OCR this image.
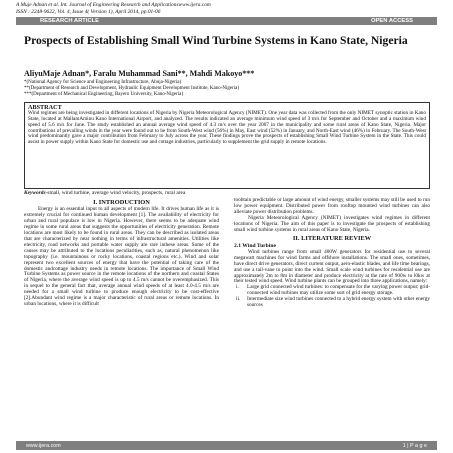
A Muje Adnan et al. Int. Journal of Engineering Research and Applicationswww.ijera.com
ISSN : 2248-9622, Vol. 4, Issue 4( Version 1), April 2014, pp.01-06
RESEARCH ARTICLE	OPEN ACCESS
Prospects of Establishing Small Wind Turbine Systems in Kano State, Nigeria
AliyuMaje Adnan*, Faralu Muhammad Sani**, Mahdi Makoyo***
*(National Agency for Science and Engineering Infrastructure, Abuja-Nigeria)
**(Department of Research and Development, Hydraulic Equipment Development Institute, Kano-Nigeria)
***(Department of Mechanical Engineering, Bayero University, Kano-Nigeria)
ABSTRACT
Wind regimes are being investigated in different locations of Nigeria by Nigeria Meteorological Agency (NIMET). One year data was collected from the only NIMET synoptic station in Kano State, located at MallamAminu Kano International Airport, and analyzed. The results indicated an average minimum wind speed of 3 m/s for September and October and a maximum wind speed of 5.6 m/s for June. The study established an annual average wind speed of 4.3 m/s over the year 2007 in the municipality and some rural areas of Kano State, Nigeria. Major contributions of prevailing winds in the year were found out to be from South-West wind (56%) in May, East wind (52%) in January, and North-East wind (46%) in February. The South-West wind predominantly gave a major contribution from February to July across the year. These findings prove the prospects of establishing Small Wind Turbine System in the State. This could assist in power supply within Kano State for domestic use and cottage industries, particularly to supplement the grid supply in remote locations.
Keywords-small, wind turbine, average wind velocity, prospects, rural area
I. INTRODUCTION

Energy is an essential input to all aspects of modern life. It drives human life as it is extremely crucial for continued human development [1]. The availability of electricity for urban and rural populace is low in Nigeria. However, there seems to be adequate wind regime in some rural areas that suggests the opportunities of electricity generation. Remote locations are most likely to be found in rural areas. They can be described as isolated areas that are characterized by near nothing in terms of infrastructural amenities. Utilities like electricity, road networks and portable water supply are rare inthese areas. Some of the causes may be attributed to the locations peculiarities, such as, natural phenomenon like topography (i.e. mountainous or rocky locations, coastal regions etc.). Wind and solar represent two excellent sources of energy that have the potential of taking care of the domestic andcottage industry needs in remote locations. The importance of Small Wind Turbine Systems as power source in the remote locations of the northern and coastal States of Nigeria, where the average wind speed is up to 4.5 m/s cannot be overemphasized. This in sequel to the general fact that, average annual wind speeds of at least 4.0-4.5 m/s are needed for a small wind turbine to produce enough electricity to be cost-effective [2].Abundant wind regime is a major characteristic of rural areas or remote locations. In urban locations, where it is difficult

toobtain predictable or large amount of wind energy, smaller systems may still be used to run low power equipment. Distributed power from rooftop mounted wind turbines can also alleviate power distribution problems.

Nigeria Meteorological Agency (NIMET) investigates wind regimes in different locations of Nigeria. The aim of this paper is to investigate the prospects of establishing small wind turbine systems in rural areas of Kano State, Nigeria.

II. LITERATURE REVIEW
2.1 Wind Turbine

Wind turbines range from small 400W generators for residential use to several megawatt machines for wind farms and offshore installations. The small ones, sometimes, have direct drive generators, direct current output, aero-elastic blades, and life time bearings, and use a tail-vane to point into the wind. Small scale wind turbines for residential use are approximately 2m to 8m in diameter and produce electricity at the rate of 900w to l0kw at their tested wind speed. Wind turbine plants can be grouped into three applications, namely:

i.	Large grid connected wind turbines: to compensate for the varying power output; grid-connected wind turbines may utilize some sort of grid energy storage.
ii.	Intermediate size wind turbines connected to a hybrid energy system with other energy sources
www.ijera.com	1 | P a g e
